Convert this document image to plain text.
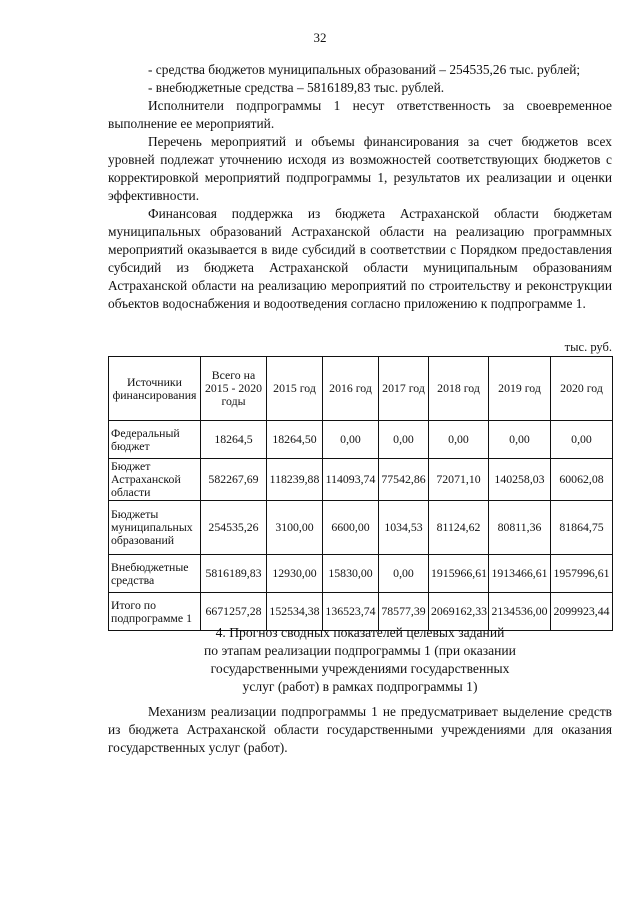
32

- средства бюджетов муниципальных образований – 254535,26 тыс. рублей;

- внебюджетные средства – 5816189,83 тыс. рублей.

Исполнители подпрограммы 1 несут ответственность за своевременное выполнение ее мероприятий.

Перечень мероприятий и объемы финансирования за счет бюджетов всех уровней подлежат уточнению исходя из возможностей соответствующих бюджетов с корректировкой мероприятий подпрограммы 1, результатов их реализации и оценки эффективности.

Финансовая поддержка из бюджета Астраханской области бюджетам муниципальных образований Астраханской области на реализацию программных мероприятий оказывается в виде субсидий в соответствии с Порядком предоставления субсидий из бюджета Астраханской области муниципальным образованиям Астраханской области на реализацию мероприятий по строительству и реконструкции объектов водоснабжения и водоотведения согласно приложению к подпрограмме 1.

тыс. руб.
Источники финансирования	Всего на 2015 - 2020 годы	2015 год	2016 год	2017 год	2018 год	2019 год	2020 год
Федеральный бюджет	18264,5	18264,50	0,00	0,00	0,00	0,00	0,00
Бюджет Астраханской области	582267,69	118239,88	114093,74	77542,86	72071,10	140258,03	60062,08
Бюджеты муниципальных образований	254535,26	3100,00	6600,00	1034,53	81124,62	80811,36	81864,75
Внебюджетные средства	5816189,83	12930,00	15830,00	0,00	1915966,61	1913466,61	1957996,61
Итого по подпрограмме 1	6671257,28	152534,38	136523,74	78577,39	2069162,33	2134536,00	2099923,44
4. Прогноз сводных показателей целевых заданий
по этапам реализации подпрограммы 1 (при оказании
государственными учреждениями государственных
услуг (работ) в рамках подпрограммы 1)

Механизм реализации подпрограммы 1 не предусматривает выделение средств из бюджета Астраханской области государственными учреждениями для оказания государственных услуг (работ).
